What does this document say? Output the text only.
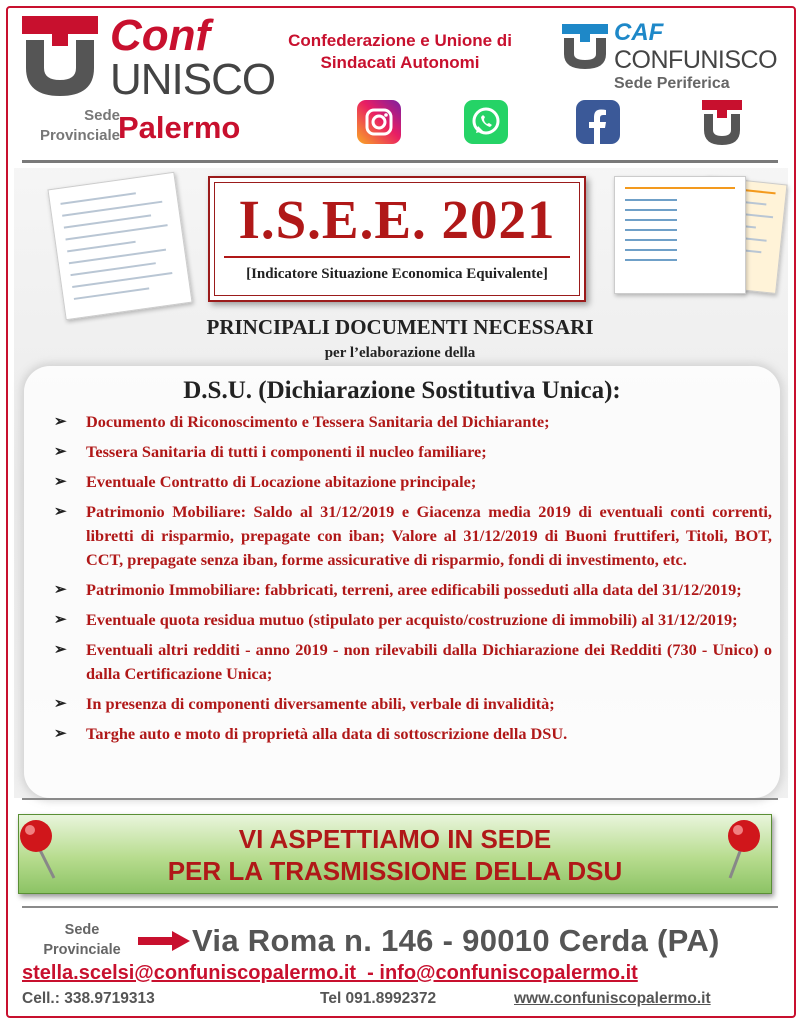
Conf
UNISCO
Sede Provinciale
Palermo
Confederazione e Unione di Sindacati Autonomi
CAF
CONFUNISCO
Sede Periferica
I.S.E.E. 2021
[Indicatore Situazione Economica Equivalente]
PRINCIPALI DOCUMENTI NECESSARI
per l’elaborazione della
D.S.U. (Dichiarazione Sostitutiva Unica):
➢ Documento di Riconoscimento e Tessera Sanitaria del Dichiarante;
➢ Tessera Sanitaria di tutti i componenti il nucleo familiare;
➢ Eventuale Contratto di Locazione abitazione principale;
➢ Patrimonio Mobiliare: Saldo al 31/12/2019 e Giacenza media 2019 di eventuali conti correnti, libretti di risparmio, prepagate con iban; Valore al 31/12/2019 di Buoni fruttiferi, Titoli, BOT, CCT, prepagate senza iban, forme assicurative di risparmio, fondi di investimento, etc.
➢ Patrimonio Immobiliare: fabbricati, terreni, aree edificabili posseduti alla data del 31/12/2019;
➢ Eventuale quota residua mutuo (stipulato per acquisto/costruzione di immobili) al 31/12/2019;
➢ Eventuali altri redditi - anno 2019 - non rilevabili dalla Dichiarazione dei Redditi (730 - Unico) o dalla Certificazione Unica;
➢ In presenza di componenti diversamente abili, verbale di invalidità;
➢ Targhe auto e moto di proprietà alla data di sottoscrizione della DSU.
VI ASPETTIAMO IN SEDE
PER LA TRASMISSIONE DELLA DSU
Sede Provinciale	Via Roma n. 146 - 90010 Cerda (PA)
stella.scelsi@confuniscopalermo.it  - info@confuniscopalermo.it
Cell.: 338.9719313	Tel 091.8992372	www.confuniscopalermo.it
